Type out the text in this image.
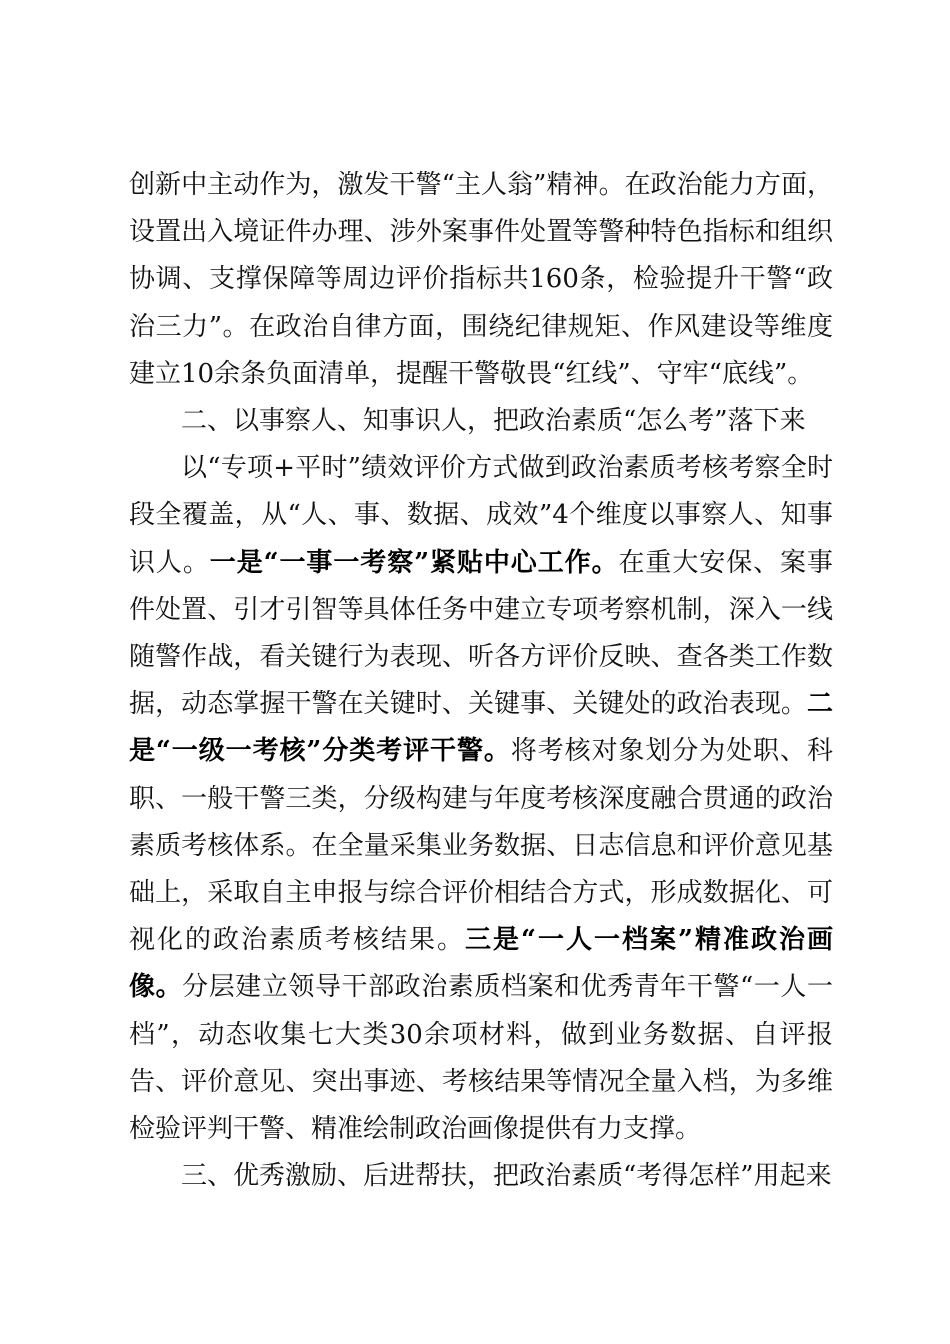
创新中主动作为，激发干警“主人翁”精神。在政治能力方面，设置出入境证件办理、涉外案事件处置等警种特色指标和组织协调、支撑保障等周边评价指标共160条，检验提升干警“政治三力”。在政治自律方面，围绕纪律规矩、作风建设等维度建立10余条负面清单，提醒干警敬畏“红线”、守牢“底线”。

二、以事察人、知事识人，把政治素质“怎么考”落下来

以“专项+平时”绩效评价方式做到政治素质考核考察全时段全覆盖，从“人、事、数据、成效”4个维度以事察人、知事识人。一是“一事一考察”紧贴中心工作。在重大安保、案事件处置、引才引智等具体任务中建立专项考察机制，深入一线随警作战，看关键行为表现、听各方评价反映、查各类工作数据，动态掌握干警在关键时、关键事、关键处的政治表现。二是“一级一考核”分类考评干警。将考核对象划分为处职、科职、一般干警三类，分级构建与年度考核深度融合贯通的政治素质考核体系。在全量采集业务数据、日志信息和评价意见基础上，采取自主申报与综合评价相结合方式，形成数据化、可视化的政治素质考核结果。三是“一人一档案”精准政治画像。分层建立领导干部政治素质档案和优秀青年干警“一人一档”，动态收集七大类30余项材料，做到业务数据、自评报告、评价意见、突出事迹、考核结果等情况全量入档，为多维检验评判干警、精准绘制政治画像提供有力支撑。

三、优秀激励、后进帮扶，把政治素质“考得怎样”用起来
